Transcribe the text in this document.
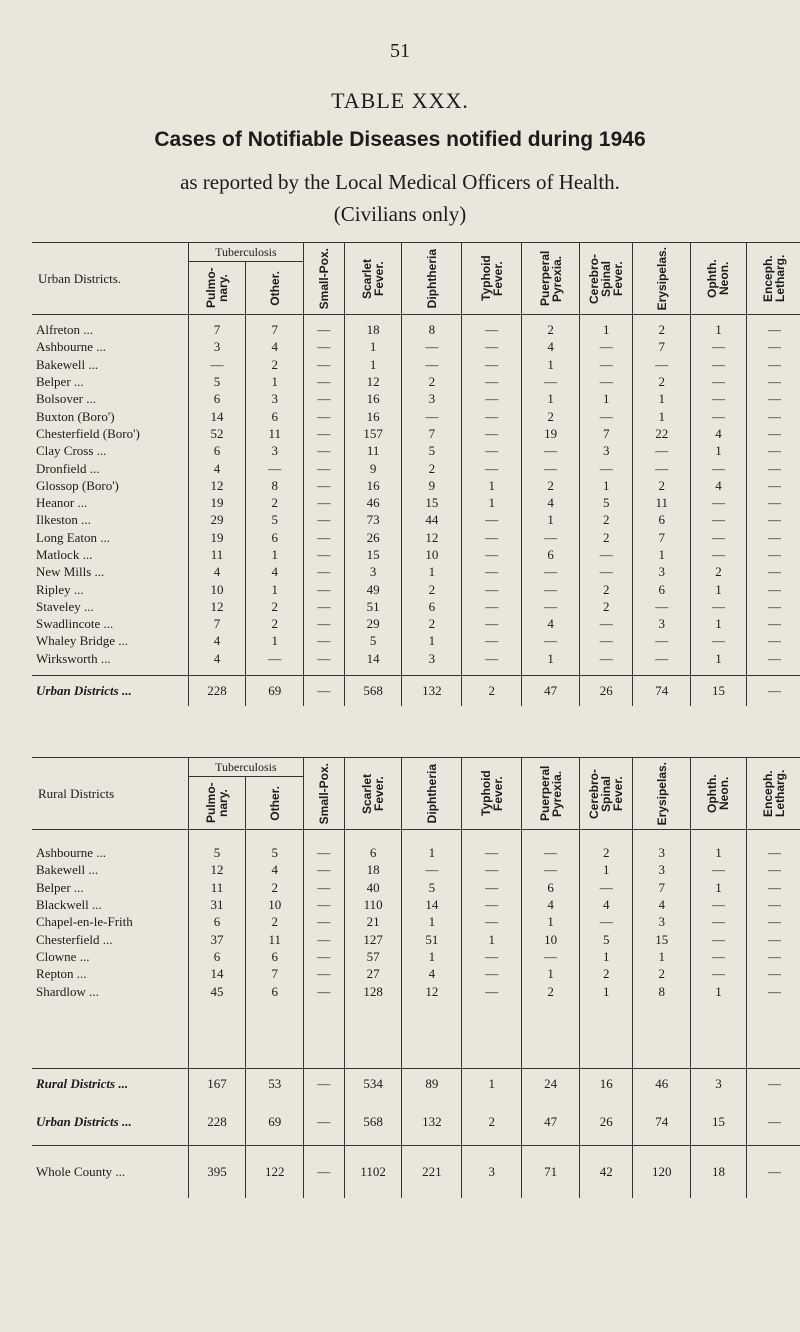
51
TABLE XXX.
Cases of Notifiable Diseases notified during 1946
as reported by the Local Medical Officers of Health.
(Civilians only)
Urban Districts.	Tuberculosis		Small-Pox.	Scarlet Fever.	Diphtheria	Typhoid Fever.	Puerperal Pyrexia.	Cerebro- Spinal Fever.	Erysipelas.	Ophth. Neon.	Enceph. Letharg.

	Pulmo- nary.	Other.									

Alfreton ...	7	7	—	18	8	—	2	1	2	1	—
Ashbourne ...	3	4	—	1	—	—	4	—	7	—	—
Bakewell ...	—	2	—	1	—	—	1	—	—	—	—
Belper ...	5	1	—	12	2	—	—	—	2	—	—
Bolsover ...	6	3	—	16	3	—	1	1	1	—	—
Buxton (Boro')	14	6	—	16	—	—	2	—	1	—	—
Chesterfield (Boro')	52	11	—	157	7	—	19	7	22	4	—
Clay Cross ...	6	3	—	11	5	—	—	3	—	1	—
Dronfield ...	4	—	—	9	2	—	—	—	—	—	—
Glossop (Boro')	12	8	—	16	9	1	2	1	2	4	—
Heanor ...	19	2	—	46	15	1	4	5	11	—	—
Ilkeston ...	29	5	—	73	44	—	1	2	6	—	—
Long Eaton ...	19	6	—	26	12	—	—	2	7	—	—
Matlock ...	11	1	—	15	10	—	6	—	1	—	—
New Mills ...	4	4	—	3	1	—	—	—	3	2	—
Ripley ...	10	1	—	49	2	—	—	2	6	1	—
Staveley ...	12	2	—	51	6	—	—	2	—	—	—
Swadlincote ...	7	2	—	29	2	—	4	—	3	1	—
Whaley Bridge ...	4	1	—	5	1	—	—	—	—	—	—
Wirksworth ...	4	—	—	14	3	—	1	—	—	1	—

Urban Districts ...	228	69	—	568	132	2	47	26	74	15	—
Rural Districts	Tuberculosis		Small-Pox.	Scarlet Fever.	Diphtheria	Typhoid Fever.	Puerperal Pyrexia.	Cerebro- Spinal Fever.	Erysipelas.	Ophth. Neon.	Enceph. Letharg.

	Pulmo- nary.	Other.									

Ashbourne ...	5	5	—	6	1	—	—	2	3	1	—
Bakewell ...	12	4	—	18	—	—	—	1	3	—	—
Belper ...	11	2	—	40	5	—	6	—	7	1	—
Blackwell ...	31	10	—	110	14	—	4	4	4	—	—
Chapel-en-le-Frith	6	2	—	21	1	—	1	—	3	—	—
Chesterfield ...	37	11	—	127	51	1	10	5	15	—	—
Clowne ...	6	6	—	57	1	—	—	1	1	—	—
Repton ...	14	7	—	27	4	—	1	2	2	—	—
Shardlow ...	45	6	—	128	12	—	2	1	8	1	—

Rural Districts ...	167	53	—	534	89	1	24	16	46	3	—
Urban Districts ...	228	69	—	568	132	2	47	26	74	15	—
Whole County ...	395	122	—	1102	221	3	71	42	120	18	—
